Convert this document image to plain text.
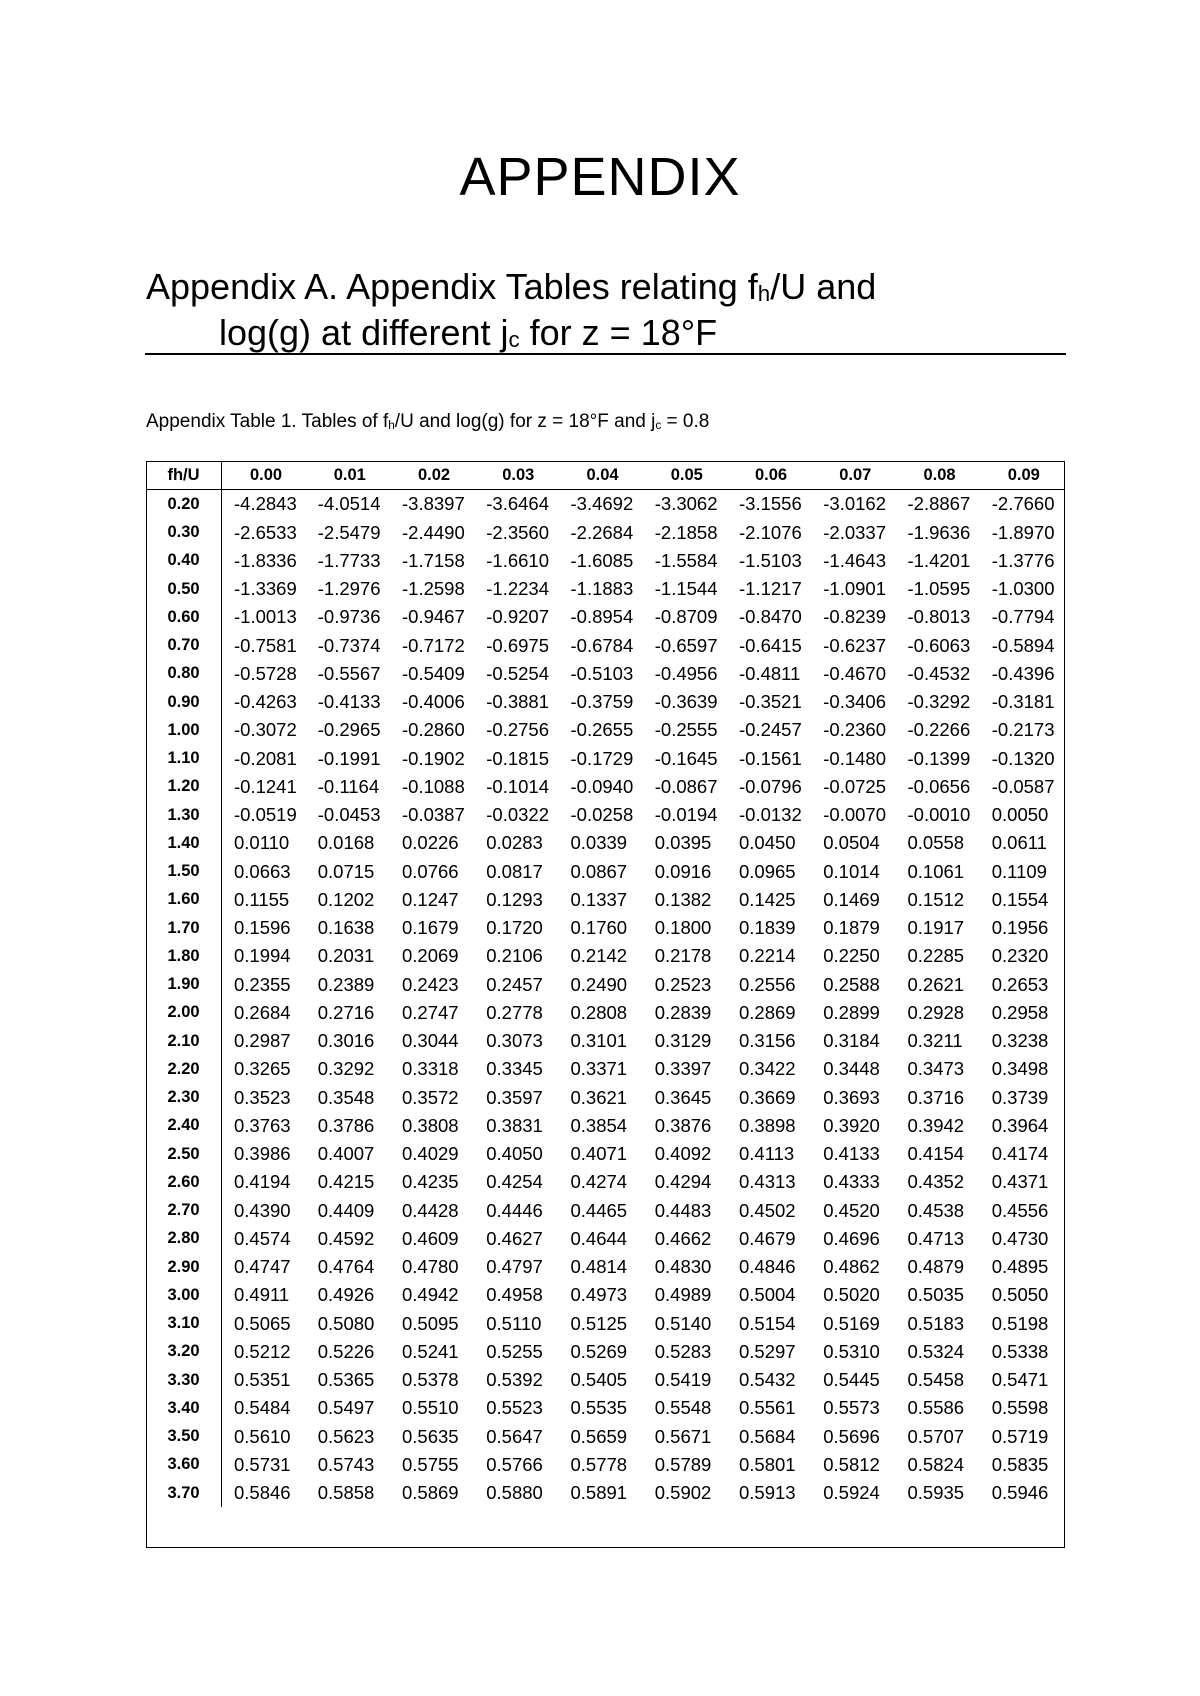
APPENDIX
Appendix A. Appendix Tables relating $f_h/U$ and
log(g) at different $j_c$ for z = 18°F

Appendix Table 1. Tables of $f_h/U$ and log(g) for z = 18°F and $j_c = 0.8$

fh/U	0.00	0.01	0.02	0.03	0.04	0.05	0.06	0.07	0.08	0.09
0.20	-4.2843	-4.0514	-3.8397	-3.6464	-3.4692	-3.3062	-3.1556	-3.0162	-2.8867	-2.7660
0.30	-2.6533	-2.5479	-2.4490	-2.3560	-2.2684	-2.1858	-2.1076	-2.0337	-1.9636	-1.8970
0.40	-1.8336	-1.7733	-1.7158	-1.6610	-1.6085	-1.5584	-1.5103	-1.4643	-1.4201	-1.3776
0.50	-1.3369	-1.2976	-1.2598	-1.2234	-1.1883	-1.1544	-1.1217	-1.0901	-1.0595	-1.0300
0.60	-1.0013	-0.9736	-0.9467	-0.9207	-0.8954	-0.8709	-0.8470	-0.8239	-0.8013	-0.7794
0.70	-0.7581	-0.7374	-0.7172	-0.6975	-0.6784	-0.6597	-0.6415	-0.6237	-0.6063	-0.5894
0.80	-0.5728	-0.5567	-0.5409	-0.5254	-0.5103	-0.4956	-0.4811	-0.4670	-0.4532	-0.4396
0.90	-0.4263	-0.4133	-0.4006	-0.3881	-0.3759	-0.3639	-0.3521	-0.3406	-0.3292	-0.3181
1.00	-0.3072	-0.2965	-0.2860	-0.2756	-0.2655	-0.2555	-0.2457	-0.2360	-0.2266	-0.2173
1.10	-0.2081	-0.1991	-0.1902	-0.1815	-0.1729	-0.1645	-0.1561	-0.1480	-0.1399	-0.1320
1.20	-0.1241	-0.1164	-0.1088	-0.1014	-0.0940	-0.0867	-0.0796	-0.0725	-0.0656	-0.0587
1.30	-0.0519	-0.0453	-0.0387	-0.0322	-0.0258	-0.0194	-0.0132	-0.0070	-0.0010	0.0050
1.40	0.0110	0.0168	0.0226	0.0283	0.0339	0.0395	0.0450	0.0504	0.0558	0.0611
1.50	0.0663	0.0715	0.0766	0.0817	0.0867	0.0916	0.0965	0.1014	0.1061	0.1109
1.60	0.1155	0.1202	0.1247	0.1293	0.1337	0.1382	0.1425	0.1469	0.1512	0.1554
1.70	0.1596	0.1638	0.1679	0.1720	0.1760	0.1800	0.1839	0.1879	0.1917	0.1956
1.80	0.1994	0.2031	0.2069	0.2106	0.2142	0.2178	0.2214	0.2250	0.2285	0.2320
1.90	0.2355	0.2389	0.2423	0.2457	0.2490	0.2523	0.2556	0.2588	0.2621	0.2653
2.00	0.2684	0.2716	0.2747	0.2778	0.2808	0.2839	0.2869	0.2899	0.2928	0.2958
2.10	0.2987	0.3016	0.3044	0.3073	0.3101	0.3129	0.3156	0.3184	0.3211	0.3238
2.20	0.3265	0.3292	0.3318	0.3345	0.3371	0.3397	0.3422	0.3448	0.3473	0.3498
2.30	0.3523	0.3548	0.3572	0.3597	0.3621	0.3645	0.3669	0.3693	0.3716	0.3739
2.40	0.3763	0.3786	0.3808	0.3831	0.3854	0.3876	0.3898	0.3920	0.3942	0.3964
2.50	0.3986	0.4007	0.4029	0.4050	0.4071	0.4092	0.4113	0.4133	0.4154	0.4174
2.60	0.4194	0.4215	0.4235	0.4254	0.4274	0.4294	0.4313	0.4333	0.4352	0.4371
2.70	0.4390	0.4409	0.4428	0.4446	0.4465	0.4483	0.4502	0.4520	0.4538	0.4556
2.80	0.4574	0.4592	0.4609	0.4627	0.4644	0.4662	0.4679	0.4696	0.4713	0.4730
2.90	0.4747	0.4764	0.4780	0.4797	0.4814	0.4830	0.4846	0.4862	0.4879	0.4895
3.00	0.4911	0.4926	0.4942	0.4958	0.4973	0.4989	0.5004	0.5020	0.5035	0.5050
3.10	0.5065	0.5080	0.5095	0.5110	0.5125	0.5140	0.5154	0.5169	0.5183	0.5198
3.20	0.5212	0.5226	0.5241	0.5255	0.5269	0.5283	0.5297	0.5310	0.5324	0.5338
3.30	0.5351	0.5365	0.5378	0.5392	0.5405	0.5419	0.5432	0.5445	0.5458	0.5471
3.40	0.5484	0.5497	0.5510	0.5523	0.5535	0.5548	0.5561	0.5573	0.5586	0.5598
3.50	0.5610	0.5623	0.5635	0.5647	0.5659	0.5671	0.5684	0.5696	0.5707	0.5719
3.60	0.5731	0.5743	0.5755	0.5766	0.5778	0.5789	0.5801	0.5812	0.5824	0.5835
3.70	0.5846	0.5858	0.5869	0.5880	0.5891	0.5902	0.5913	0.5924	0.5935	0.5946
